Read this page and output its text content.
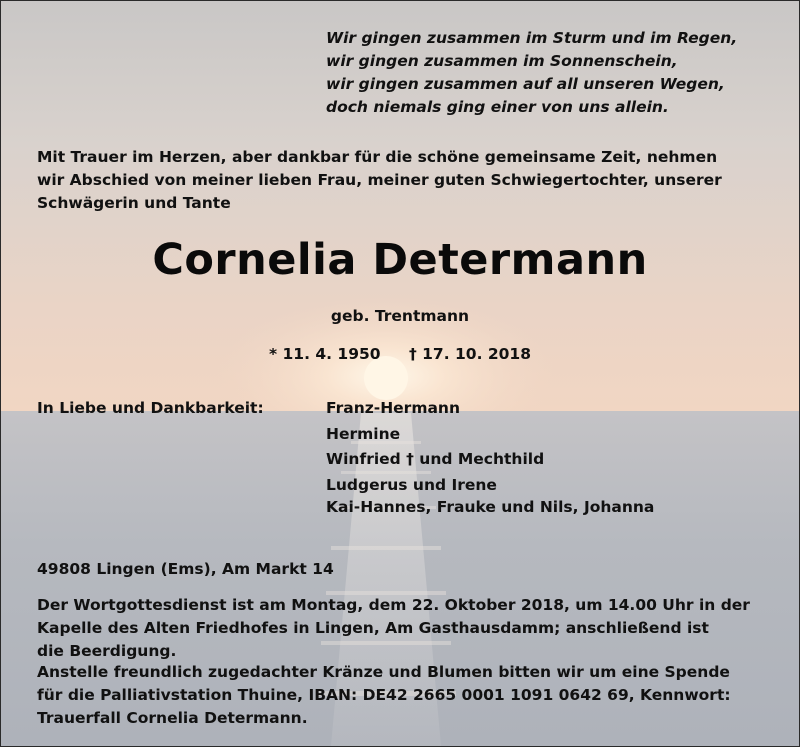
Wir gingen zusammen im Sturm und im Regen,
wir gingen zusammen im Sonnenschein,
wir gingen zusammen auf all unseren Wegen,
doch niemals ging einer von uns allein.
Mit Trauer im Herzen, aber dankbar für die schöne gemeinsame Zeit, nehmen
wir Abschied von meiner lieben Frau, meiner guten Schwiegertochter, unserer
Schwägerin und Tante
Cornelia Determann
geb. Trentmann
* 11. 4. 1950 † 17. 10. 2018
In Liebe und Dankbarkeit:	Franz-Hermann
Hermine
Winfried † und Mechthild
Ludgerus und Irene
Kai-Hannes, Frauke und Nils, Johanna
49808 Lingen (Ems), Am Markt 14
Der Wortgottesdienst ist am Montag, dem 22. Oktober 2018, um 14.00 Uhr in der
Kapelle des Alten Friedhofes in Lingen, Am Gasthausdamm; anschließend ist
die Beerdigung.
Anstelle freundlich zugedachter Kränze und Blumen bitten wir um eine Spende
für die Palliativstation Thuine, IBAN: DE42 2665 0001 1091 0642 69, Kennwort:
Trauerfall Cornelia Determann.
